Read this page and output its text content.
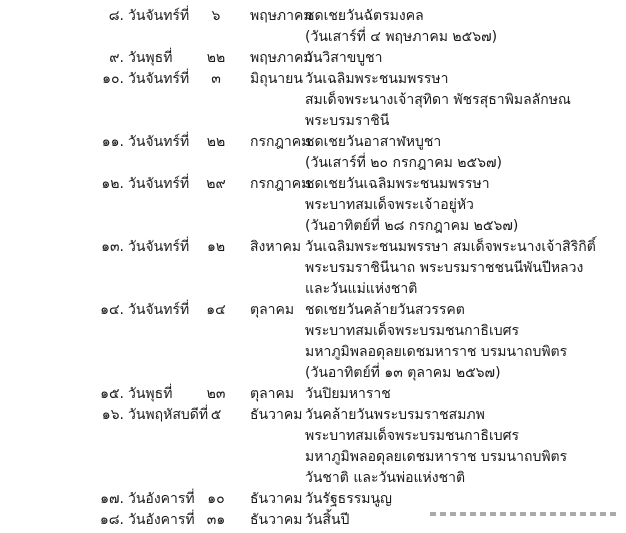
๘. วันจันทร์ที่	๖	พฤษภาคม
ชดเชยวันฉัตรมงคล
(วันเสาร์ที่ ๔ พฤษภาคม ๒๕๖๗)
๙. วันพุธที่	๒๒	พฤษภาคม
วันวิสาขบูชา
๑๐. วันจันทร์ที่	๓	มิถุนายน วันเฉลิมพระชนมพรรษา
สมเด็จพระนางเจ้าสุทิดา พัชรสุธาพิมลลักษณ
พระบรมราชินี
๑๑. วันจันทร์ที่	๒๒	กรกฎาคม
ชดเชยวันอาสาฬหบูชา
(วันเสาร์ที่ ๒๐ กรกฎาคม ๒๕๖๗)
๑๒. วันจันทร์ที่	๒๙	กรกฎาคม
ชดเชยวันเฉลิมพระชนมพรรษา
พระบาทสมเด็จพระเจ้าอยู่หัว
(วันอาทิตย์ที่ ๒๘ กรกฎาคม ๒๕๖๗)
๑๓. วันจันทร์ที่	๑๒	สิงหาคม วันเฉลิมพระชนมพรรษา สมเด็จพระนางเจ้าสิริกิติ์
พระบรมราชินีนาถ พระบรมราชชนนีพันปีหลวง
และวันแม่แห่งชาติ
๑๔. วันจันทร์ที่	๑๔	ตุลาคม ชดเชยวันคล้ายวันสวรรคต
พระบาทสมเด็จพระบรมชนกาธิเบศร
มหาภูมิพลอดุลยเดชมหาราช บรมนาถบพิตร
(วันอาทิตย์ที่ ๑๓ ตุลาคม ๒๕๖๗)
๑๕. วันพุธที่	๒๓	ตุลาคม วันปิยมหาราช
๑๖. วันพฤหัสบดีที่ ๕	ธันวาคม วันคล้ายวันพระบรมราชสมภพ
พระบาทสมเด็จพระบรมชนกาธิเบศร
มหาภูมิพลอดุลยเดชมหาราช บรมนาถบพิตร
วันชาติ และวันพ่อแห่งชาติ
๑๗. วันอังคารที่ ๑๐	ธันวาคม วันรัฐธรรมนูญ
๑๘. วันอังคารที่ ๓๑	ธันวาคม วันสิ้นปี
